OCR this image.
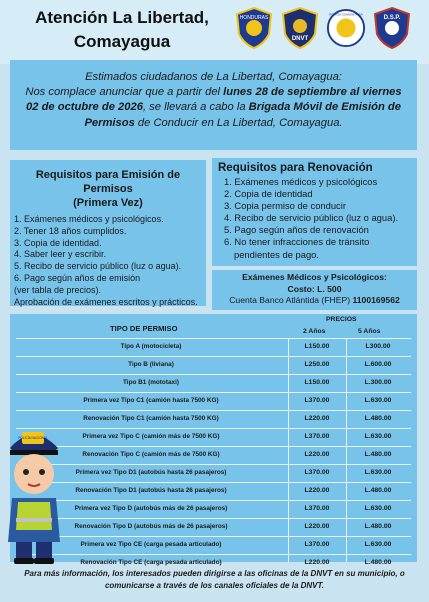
Atención La Libertad,
Comayagua
HONDURAS
DNVT
POLICÍA COMUNITARIA
D.S.P.
Estimados ciudadanos de La Libertad, Comayagua:
Nos complace anunciar que a partir del lunes 28 de septiembre al viernes 02 de octubre de 2026, se llevará a cabo la Brigada Móvil de Emisión de Permisos de Conducir en La Libertad, Comayagua.
Requisitos para Emisión de Permisos
(Primera Vez)
1. Exámenes médicos y psicológicos.
2. Tener 18 años cumplidos.
3. Copia de identidad.
4. Saber leer y escribir.
5. Recibo de servicio público (luz o agua).
6. Pago según años de emisión
(ver tabla de precios).
Aprobación de exámenes escritos y prácticos.
Requisitos para Renovación
1. Exámenes médicos y psicológicos
2. Copia de identidad
3. Copia permiso de conducir
4. Recibo de servicio público (luz o agua).
5. Pago según años de renovación
6. No tener infracciones de tránsito
pendientes de pago.
Exámenes Médicos y Psicológicos:
Costo: L. 500
Cuenta Banco Atlántida (FHEP) 1100169562
TIPO DE PERMISO
PRECIOS
2 Años	5 Años
Tipo A (motocicleta)	L150.00	L300.00
Tipo B (liviana)	L250.00	L.600.00
Tipo B1 (mototaxi)	L150.00	L.300.00
Primera vez Tipo C1 (camión hasta 7500 KG)	L370.00	L.630.00
Renovación Tipo C1 (camión hasta 7500 KG)	L220.00	L.480.00
Primera vez Tipo C (camión más de 7500 KG)	L370.00	L.630.00
Renovación Tipo C (camión más de 7500 KG)	L220.00	L.480.00
Primera vez Tipo D1 (autobús hasta 26 pasajeros)	L370.00	L.630.00
Renovación Tipo D1 (autobús hasta 26 pasajeros)	L220.00	L.480.00
Primera vez Tipo D (autobús más de 26 pasajeros)	L370.00	L.630.00
Renovación Tipo D (autobús más de 26 pasajeros)	L220.00	L.480.00
Primera vez Tipo CE (carga pesada articulado)	L370.00	L.630.00
Renovación Tipo CE (carga pesada articulado)	L220.00	L.480.00
POLICÍA NACIONAL
Para más información, los interesados pueden dirigirse a las oficinas de la DNVT en su municipio, o comunicarse a través de los canales oficiales de la DNVT.
